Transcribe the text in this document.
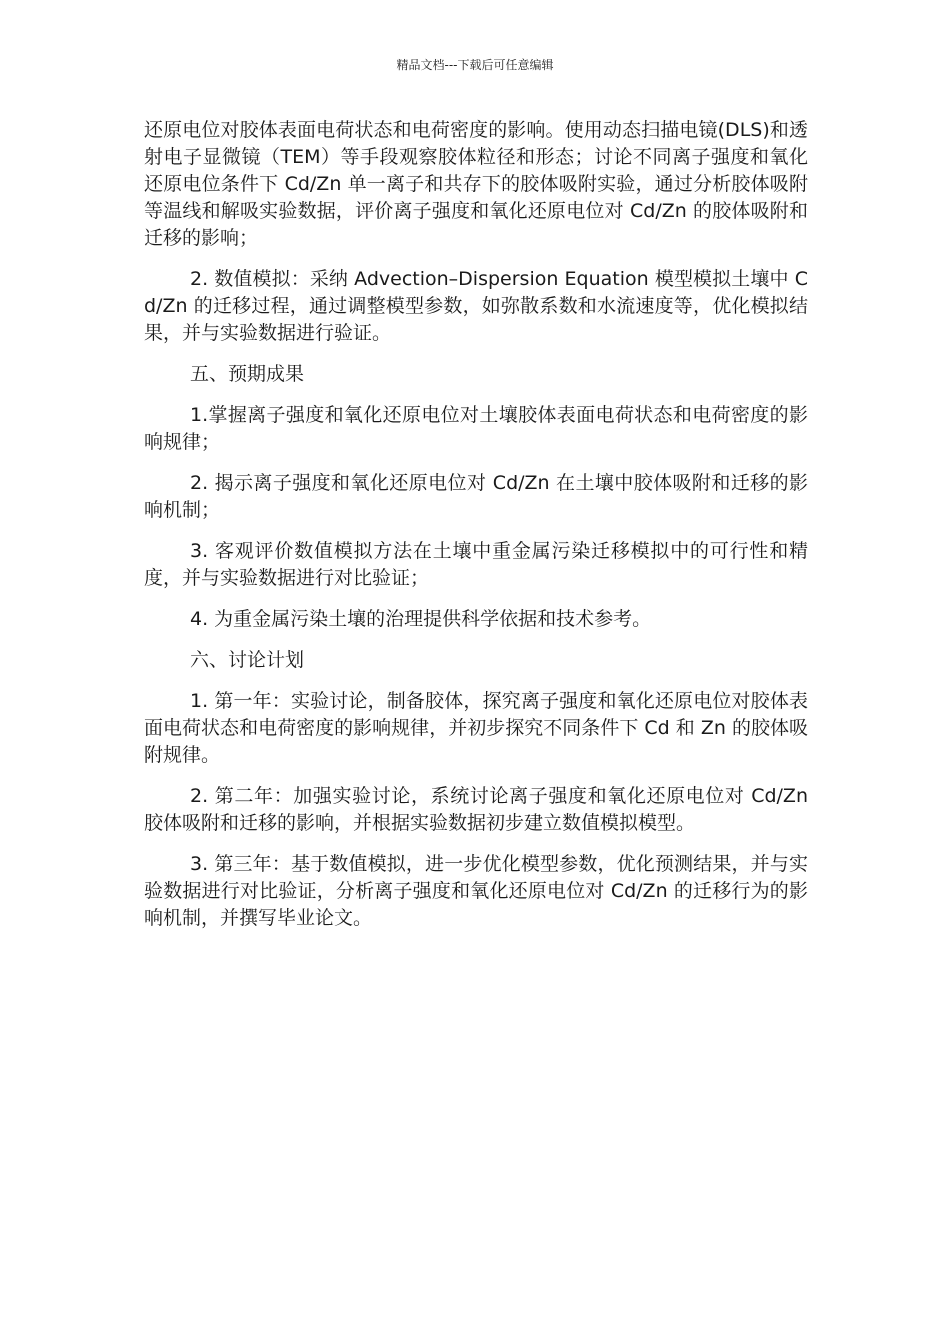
精品文档---下载后可任意编辑

还原电位对胶体表面电荷状态和电荷密度的影响。使用动态扫描电镜(DLS)和透射电子显微镜（TEM）等手段观察胶体粒径和形态；讨论不同离子强度和氧化还原电位条件下 Cd/Zn 单一离子和共存下的胶体吸附实验，通过分析胶体吸附等温线和解吸实验数据，评价离子强度和氧化还原电位对 Cd/Zn 的胶体吸附和迁移的影响；

2. 数值模拟：采纳 Advection–Dispersion Equation 模型模拟土壤中 Cd/Zn 的迁移过程，通过调整模型参数，如弥散系数和水流速度等，优化模拟结果，并与实验数据进行验证。

五、预期成果

1.掌握离子强度和氧化还原电位对土壤胶体表面电荷状态和电荷密度的影响规律；

2. 揭示离子强度和氧化还原电位对 Cd/Zn 在土壤中胶体吸附和迁移的影响机制；

3. 客观评价数值模拟方法在土壤中重金属污染迁移模拟中的可行性和精度，并与实验数据进行对比验证；

4. 为重金属污染土壤的治理提供科学依据和技术参考。

六、讨论计划

1. 第一年：实验讨论，制备胶体，探究离子强度和氧化还原电位对胶体表面电荷状态和电荷密度的影响规律，并初步探究不同条件下 Cd 和 Zn 的胶体吸附规律。

2. 第二年：加强实验讨论，系统讨论离子强度和氧化还原电位对 Cd/Zn 胶体吸附和迁移的影响，并根据实验数据初步建立数值模拟模型。

3. 第三年：基于数值模拟，进一步优化模型参数，优化预测结果，并与实验数据进行对比验证，分析离子强度和氧化还原电位对 Cd/Zn 的迁移行为的影响机制，并撰写毕业论文。
